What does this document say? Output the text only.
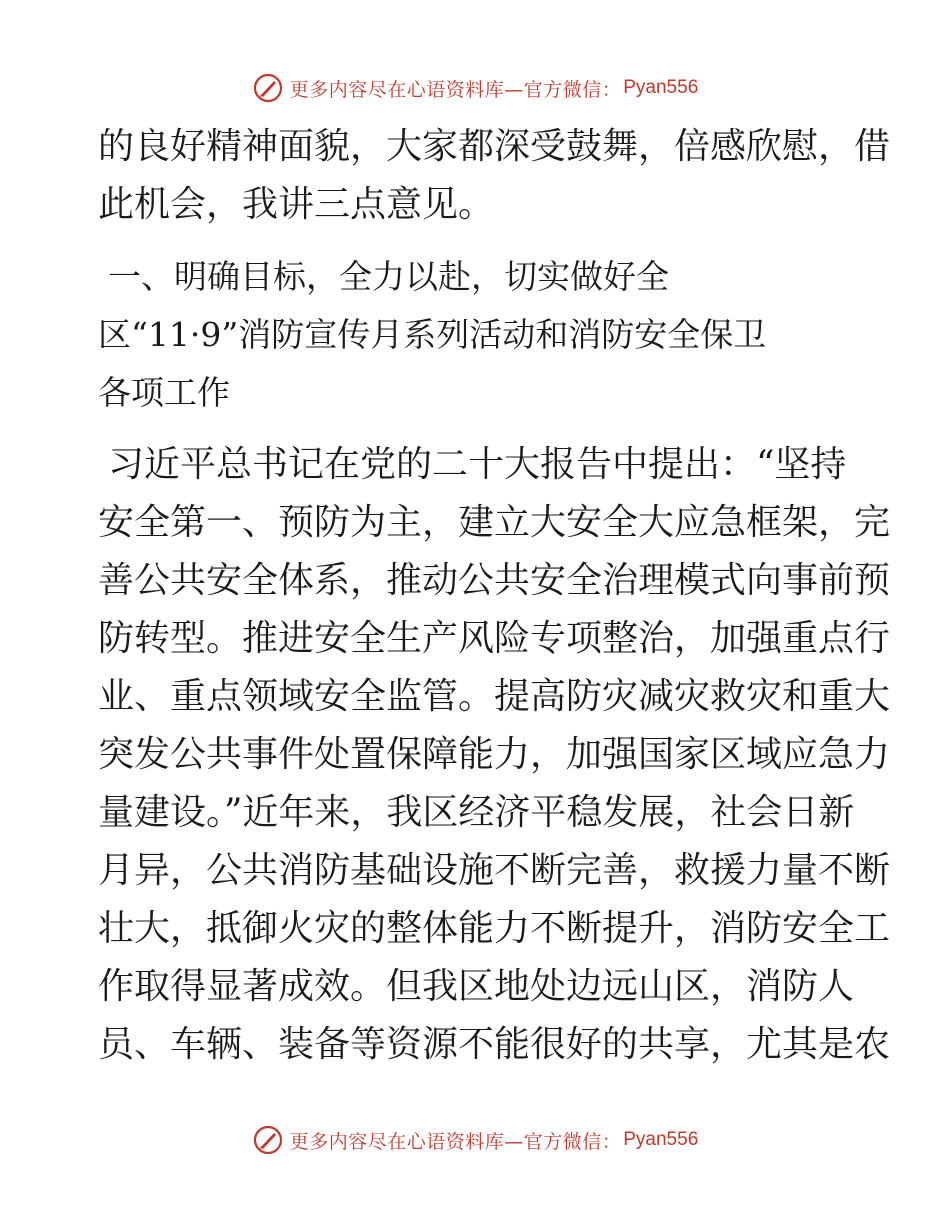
更多内容尽在心语资料库—官方微信： Pyan556

的良好精神面貌，大家都深受鼓舞，倍感欣慰，借
此机会，我讲三点意见。

一、明确目标，全力以赴，切实做好全
区“11·9”消防宣传月系列活动和消防安全保卫
各项工作

习近平总书记在党的二十大报告中提出：“坚持
安全第一、预防为主，建立大安全大应急框架，完
善公共安全体系，推动公共安全治理模式向事前预
防转型。推进安全生产风险专项整治，加强重点行
业、重点领域安全监管。提高防灾减灾救灾和重大
突发公共事件处置保障能力，加强国家区域应急力
量建设。”近年来，我区经济平稳发展，社会日新
月异，公共消防基础设施不断完善，救援力量不断
壮大，抵御火灾的整体能力不断提升，消防安全工
作取得显著成效。但我区地处边远山区，消防人
员、车辆、装备等资源不能很好的共享，尤其是农

更多内容尽在心语资料库—官方微信： Pyan556
